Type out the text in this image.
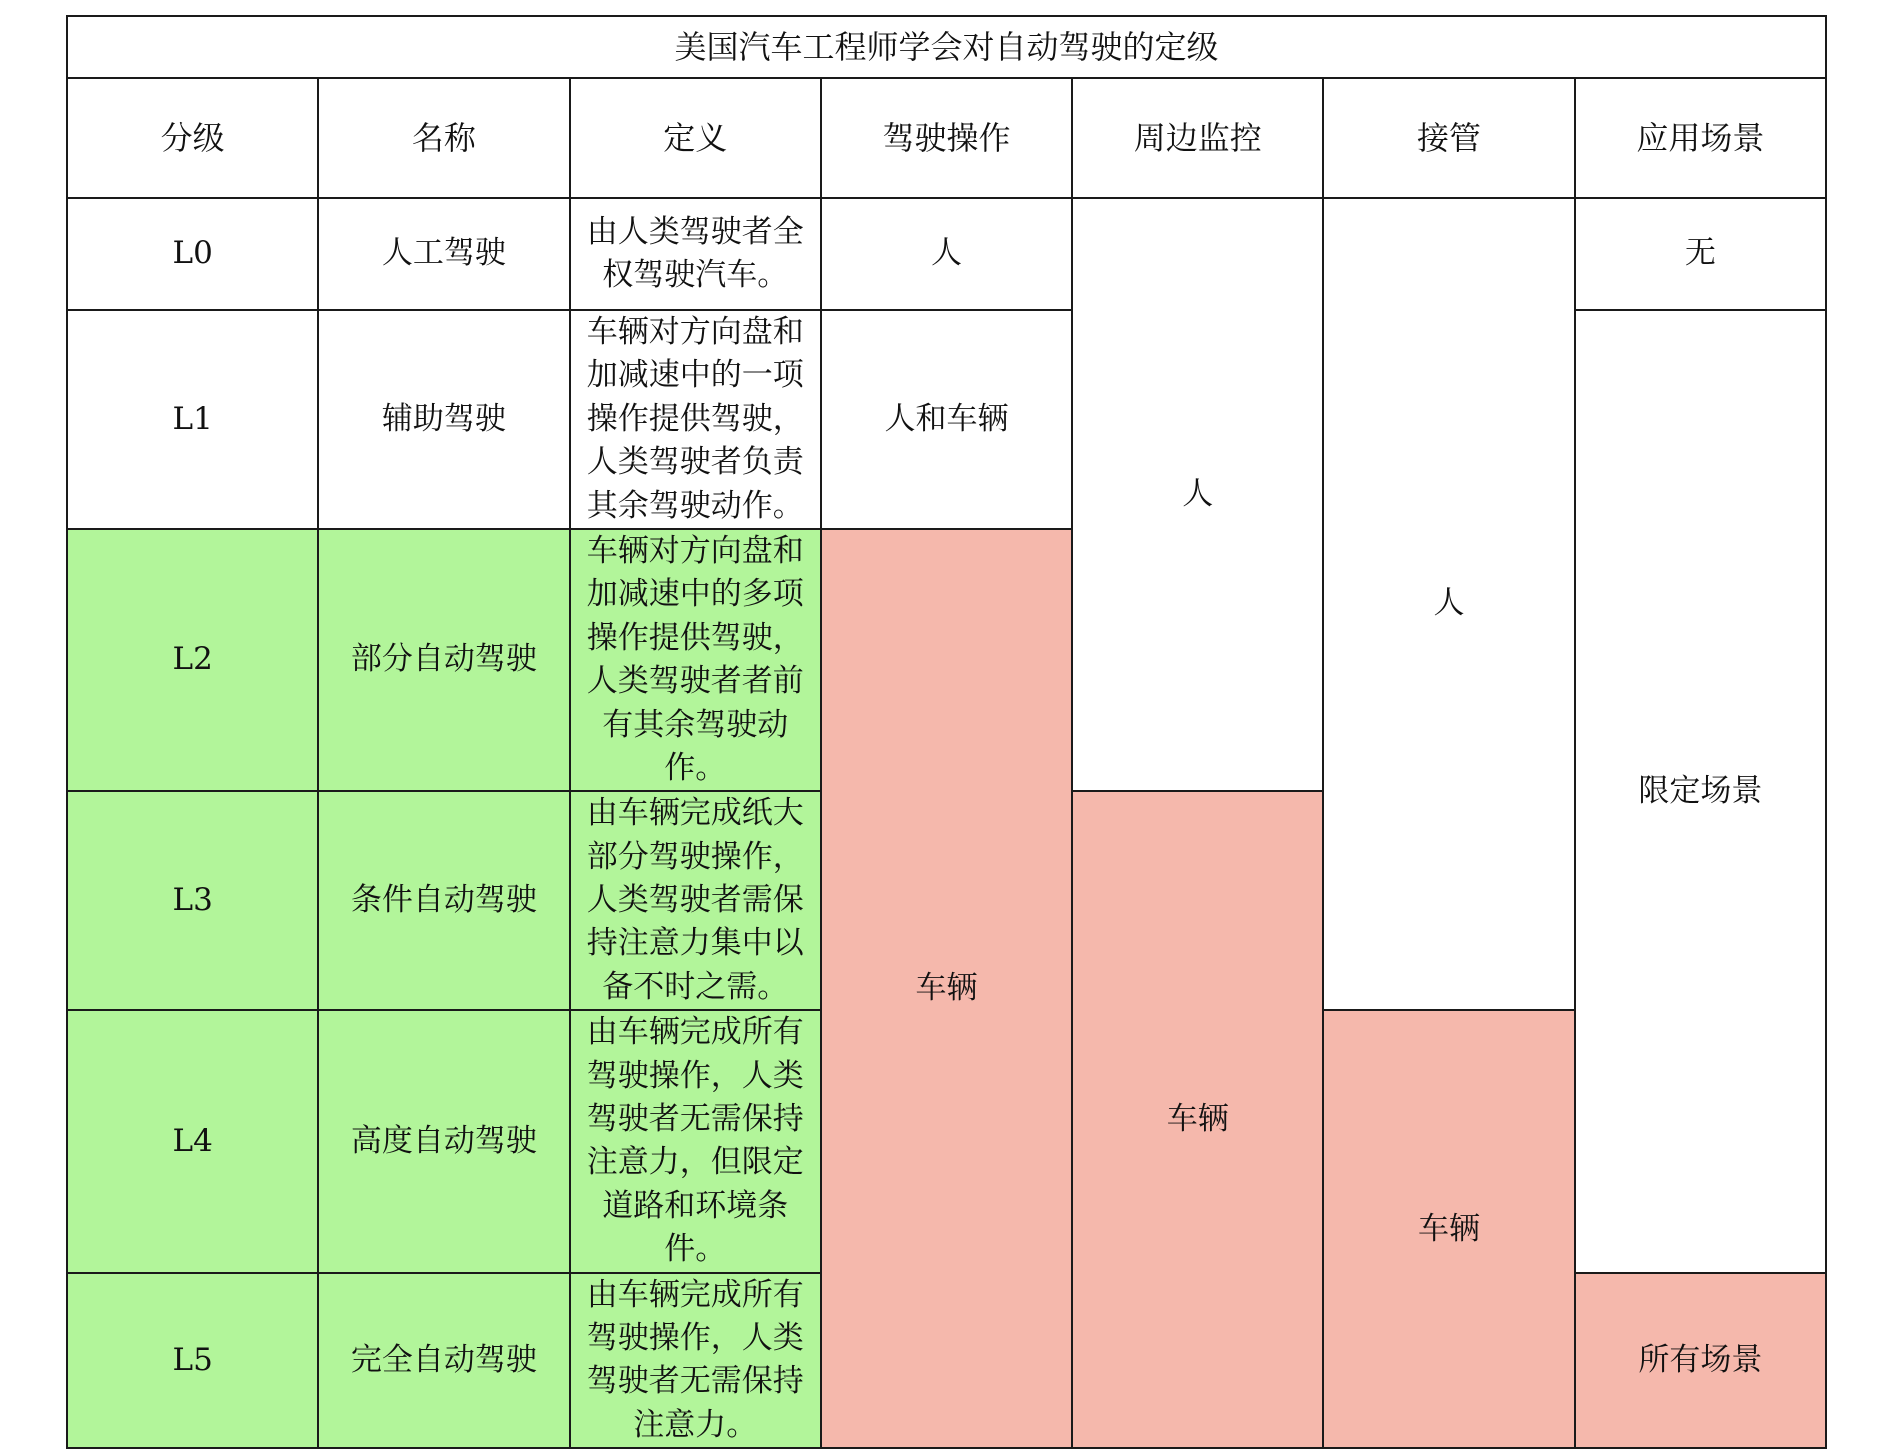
美国汽车工程师学会对自动驾驶的定级						
分级	名称	定义	驾驶操作	周边监控	接管	应用场景
L0	人工驾驶	由人类驾驶者全权驾驶汽车。	人	人	人	无
L1	辅助驾驶	车辆对方向盘和加减速中的一项操作提供驾驶，人类驾驶者负责其余驾驶动作。	人和车辆			限定场景
L2	部分自动驾驶	车辆对方向盘和加减速中的多项操作提供驾驶，人类驾驶者者前有其余驾驶动作。	车辆			
L3	条件自动驾驶	由车辆完成纸大部分驾驶操作，人类驾驶者需保持注意力集中以备不时之需。		车辆		
L4	高度自动驾驶	由车辆完成所有驾驶操作，人类驾驶者无需保持注意力，但限定道路和环境条件。			车辆	
L5	完全自动驾驶	由车辆完成所有驾驶操作，人类驾驶者无需保持注意力。				所有场景
